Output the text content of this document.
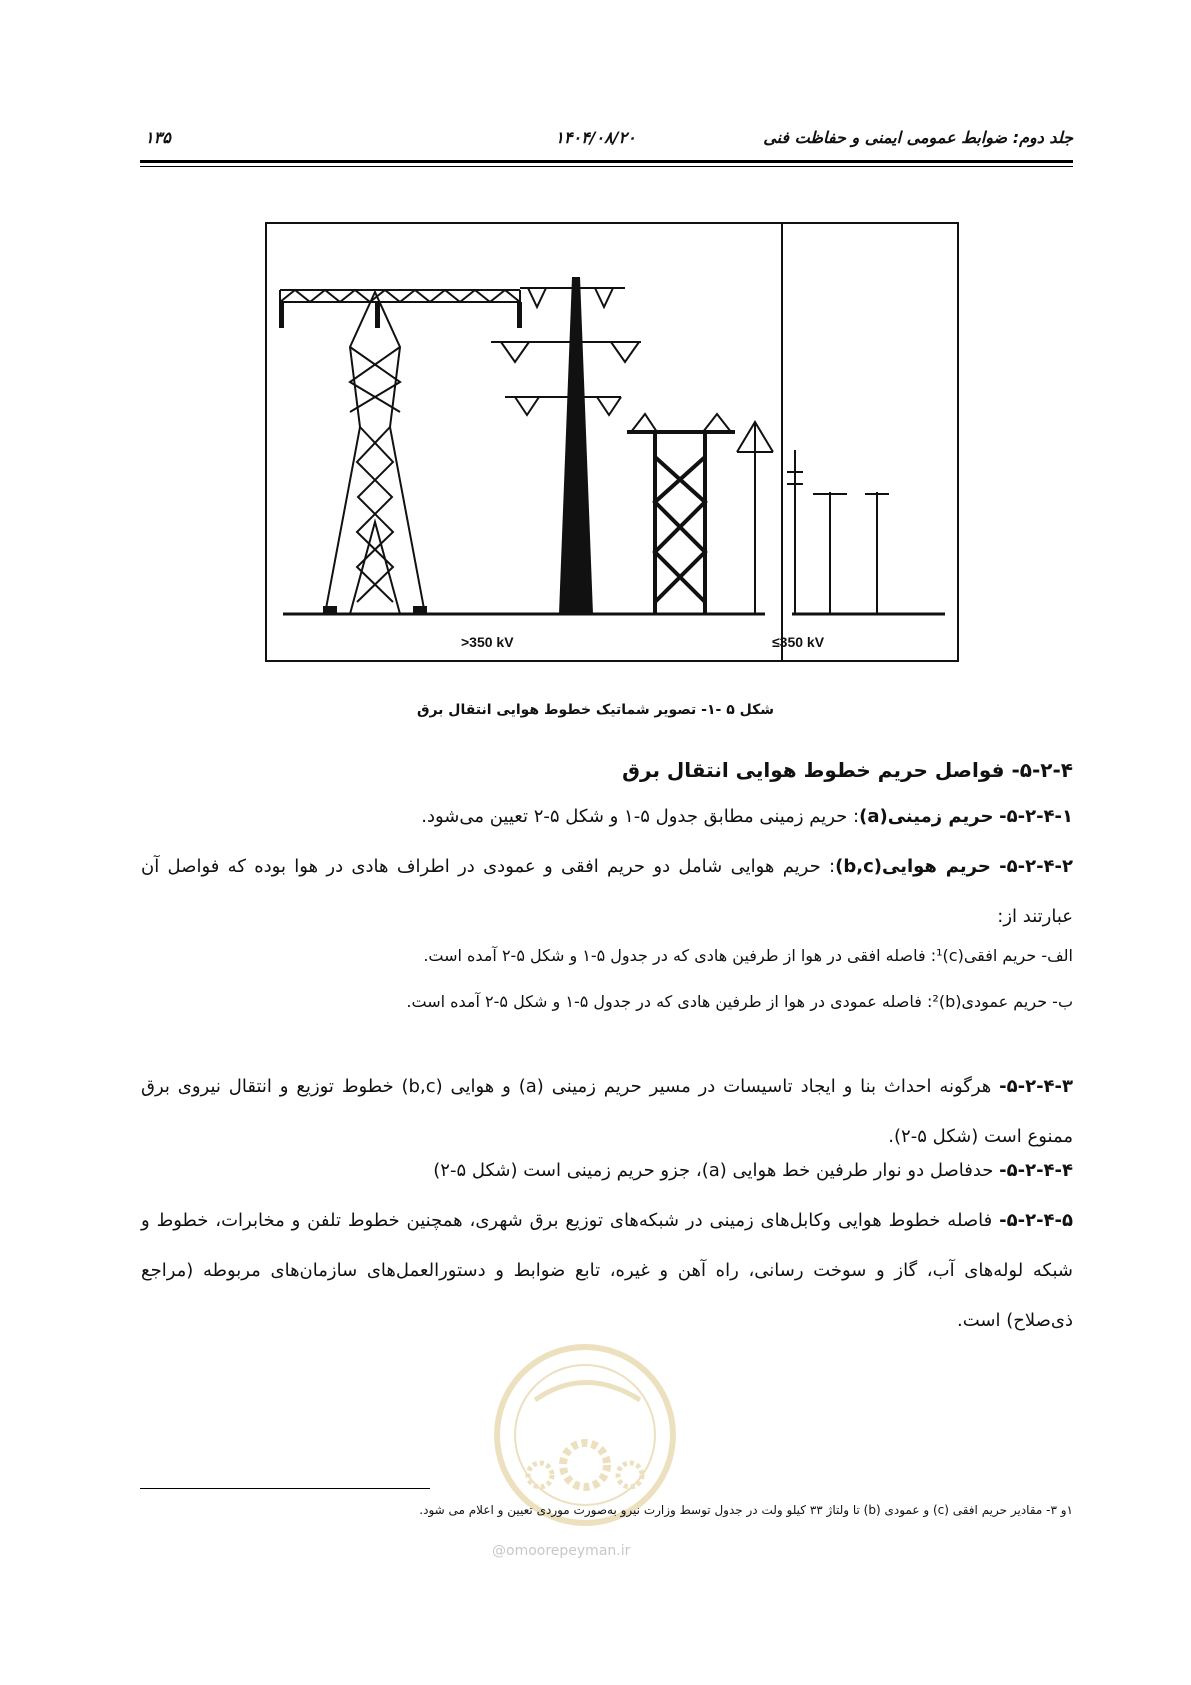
جلد دوم: ضوابط عمومی ایمنی و حفاظت فنی
۱۴۰۴/۰۸/۲۰
۱۳۵
>350 kV	≤350 kV
شکل ۵ -۱- تصویر شماتیک خطوط هوایی انتقال برق
۵-۲-۴- فواصل حریم خطوط هوایی انتقال برق
۵-۲-۴-۱- حریم زمینی(a): حریم زمینی مطابق جدول ۵-۱ و شکل ۵-۲ تعیین می‌شود.
۵-۲-۴-۲- حریم هوایی(b,c): حریم هوایی شامل دو حریم افقی و عمودی در اطراف هادی در هوا بوده که فواصل آن عبارتند از:
الف- حریم افقی(c)¹: فاصله افقی در هوا از طرفین هادی که در جدول ۵-۱ و شکل ۵-۲ آمده است.
ب- حریم عمودی(b)²: فاصله عمودی در هوا از طرفین هادی که در جدول ۵-۱ و شکل ۵-۲ آمده است.
۵-۲-۴-۳- هرگونه احداث بنا و ایجاد تاسیسات در مسیر حریم زمینی (a) و هوایی (b,c) خطوط توزیع و انتقال نیروی برق ممنوع است (شکل ۵-۲).
۵-۲-۴-۴- حدفاصل دو نوار طرفین خط هوایی (a)، جزو حریم زمینی است (شکل ۵-۲)
۵-۲-۴-۵- فاصله خطوط هوایی وکابل‌های زمینی در شبکه‌های توزیع برق شهری، همچنین خطوط تلفن و مخابرات، خطوط و شبکه لوله‌های آب، گاز و سوخت رسانی، راه آهن و غیره، تابع ضوابط و دستورالعمل‌های سازمان‌های مربوطه (مراجع ذی‌صلاح) است.
@omoorepeyman.ir
۱و ۳- مقادیر حریم افقی (c) و عمودی (b) تا ولتاژ ۳۳ کیلو ولت در جدول توسط وزارت نیرو به‌صورت موردی تعیین و اعلام می شود.
